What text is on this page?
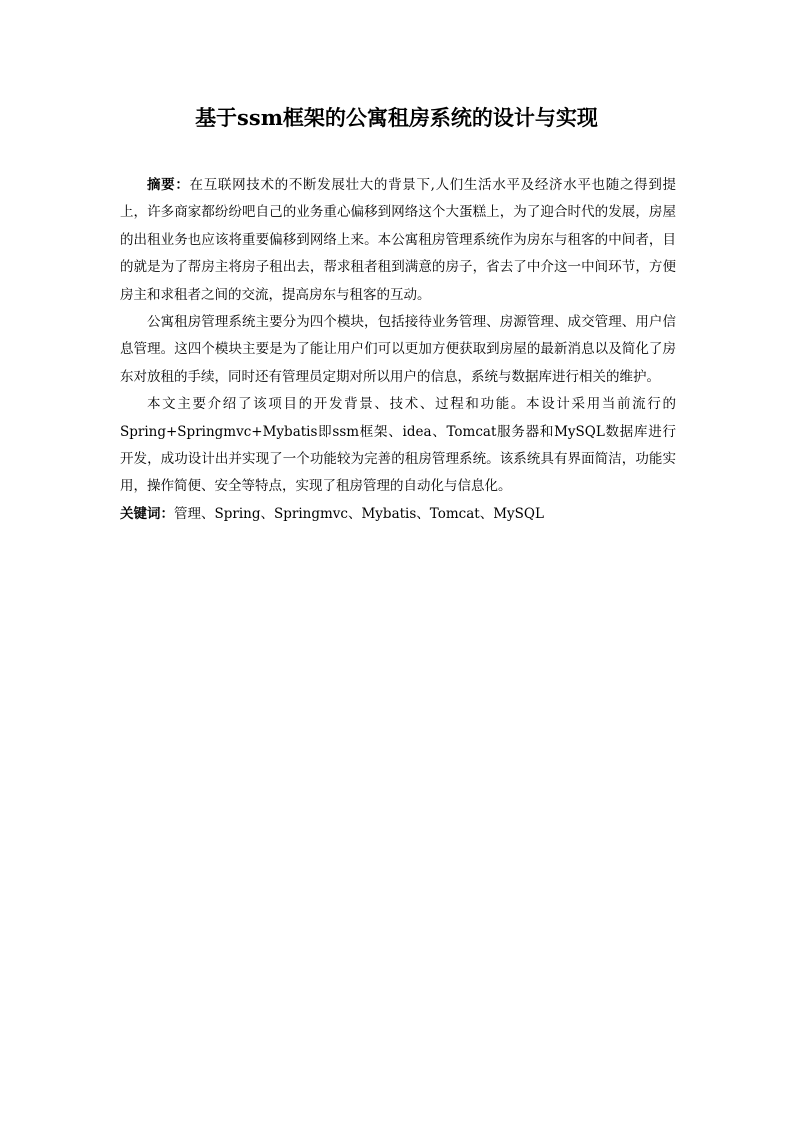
基于ssm框架的公寓租房系统的设计与实现

摘要：在互联网技术的不断发展壮大的背景下,人们生活水平及经济水平也随之得到提上，许多商家都纷纷吧自己的业务重心偏移到网络这个大蛋糕上，为了迎合时代的发展，房屋的出租业务也应该将重要偏移到网络上来。本公寓租房管理系统作为房东与租客的中间者，目的就是为了帮房主将房子租出去，帮求租者租到满意的房子，省去了中介这一中间环节，方便房主和求租者之间的交流，提高房东与租客的互动。

公寓租房管理系统主要分为四个模块，包括接待业务管理、房源管理、成交管理、用户信息管理。这四个模块主要是为了能让用户们可以更加方便获取到房屋的最新消息以及简化了房东对放租的手续，同时还有管理员定期对所以用户的信息，系统与数据库进行相关的维护。

本文主要介绍了该项目的开发背景、技术、过程和功能。本设计采用当前流行的Spring+Springmvc+Mybatis即ssm框架、idea、Tomcat服务器和MySQL数据库进行开发，成功设计出并实现了一个功能较为完善的租房管理系统。该系统具有界面简洁，功能实用，操作简便、安全等特点，实现了租房管理的自动化与信息化。

关键词：管理、Spring、Springmvc、Mybatis、Tomcat、MySQL
